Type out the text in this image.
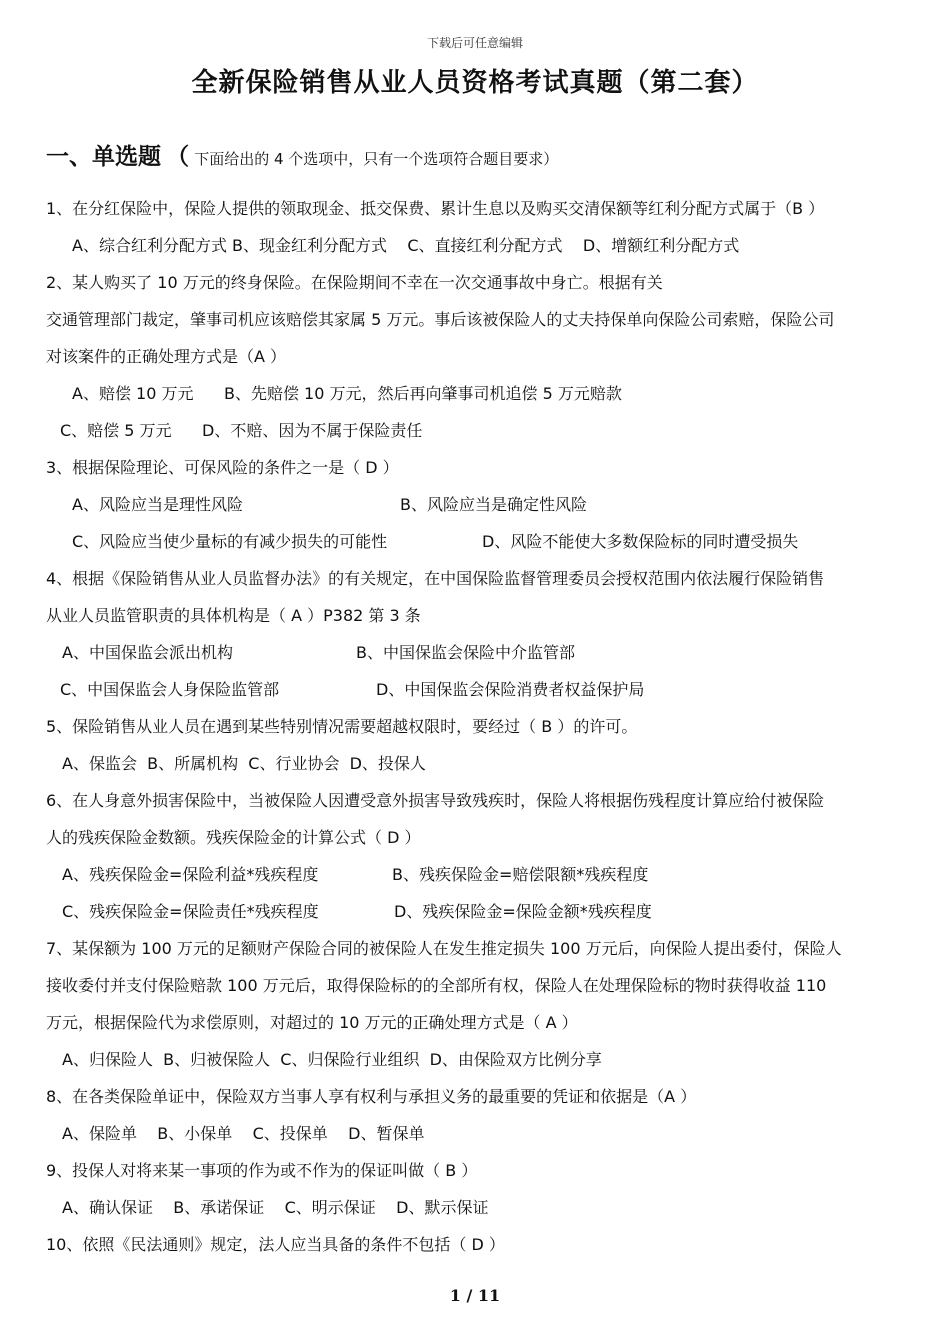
下载后可任意编辑
全新保险销售从业人员资格考试真题（第二套）
一、单选题 （ 下面给出的 4 个选项中，只有一个选项符合题目要求）
1、在分红保险中，保险人提供的领取现金、抵交保费、累计生息以及购买交清保额等红利分配方式属于（B ）
A、综合红利分配方式 B、现金红利分配方式    C、直接红利分配方式    D、增额红利分配方式
2、某人购买了 10 万元的终身保险。在保险期间不幸在一次交通事故中身亡。根据有关
交通管理部门裁定，肇事司机应该赔偿其家属 5 万元。事后该被保险人的丈夫持保单向保险公司索赔，保险公司
对该案件的正确处理方式是（A ）
A、赔偿 10 万元      B、先赔偿 10 万元，然后再向肇事司机追偿 5 万元赔款
C、赔偿 5 万元      D、不赔、因为不属于保险责任
3、根据保险理论、可保风险的条件之一是（ D ）
A、风险应当是理性风险	B、风险应当是确定性风险
C、风险应当使少量标的有减少损失的可能性	D、风险不能使大多数保险标的同时遭受损失
4、根据《保险销售从业人员监督办法》的有关规定，在中国保险监督管理委员会授权范围内依法履行保险销售
从业人员监管职责的具体机构是（ A ）P382 第 3 条
A、中国保监会派出机构	B、中国保监会保险中介监管部
C、中国保监会人身保险监管部	D、中国保监会保险消费者权益保护局
5、保险销售从业人员在遇到某些特别情况需要超越权限时，要经过（ B ）的许可。
A、保监会  B、所属机构  C、行业协会  D、投保人
6、在人身意外损害保险中，当被保险人因遭受意外损害导致残疾时，保险人将根据伤残程度计算应给付被保险
人的残疾保险金数额。残疾保险金的计算公式（ D ）
A、残疾保险金=保险利益*残疾程度	B、残疾保险金=赔偿限额*残疾程度
C、残疾保险金=保险责任*残疾程度	D、残疾保险金=保险金额*残疾程度
7、某保额为 100 万元的足额财产保险合同的被保险人在发生推定损失 100 万元后，向保险人提出委付，保险人
接收委付并支付保险赔款 100 万元后，取得保险标的的全部所有权，保险人在处理保险标的物时获得收益 110
万元，根据保险代为求偿原则，对超过的 10 万元的正确处理方式是（ A ）
A、归保险人  B、归被保险人  C、归保险行业组织  D、由保险双方比例分享
8、在各类保险单证中，保险双方当事人享有权利与承担义务的最重要的凭证和依据是（A ）
A、保险单    B、小保单    C、投保单    D、暂保单
9、投保人对将来某一事项的作为或不作为的保证叫做（ B ）
A、确认保证    B、承诺保证    C、明示保证    D、默示保证
10、依照《民法通则》规定，法人应当具备的条件不包括（ D ）
1 / 11
